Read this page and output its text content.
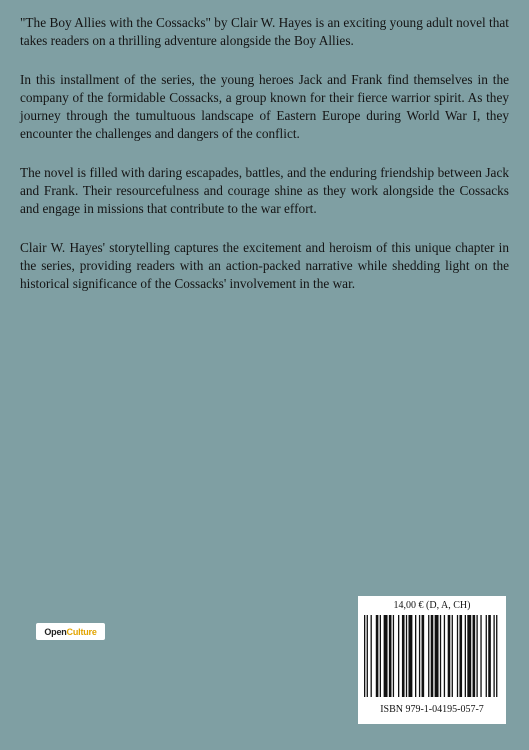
"The Boy Allies with the Cossacks" by Clair W. Hayes is an exciting young adult novel that takes readers on a thrilling adventure alongside the Boy Allies.

In this installment of the series, the young heroes Jack and Frank find themselves in the company of the formidable Cossacks, a group known for their fierce warrior spirit. As they journey through the tumultuous landscape of Eastern Europe during World War I, they encounter the challenges and dangers of the conflict.

The novel is filled with daring escapades, battles, and the enduring friendship between Jack and Frank. Their resourcefulness and courage shine as they work alongside the Cossacks and engage in missions that contribute to the war effort.

Clair W. Hayes' storytelling captures the excitement and heroism of this unique chapter in the series, providing readers with an action-packed narrative while shedding light on the historical significance of the Cossacks' involvement in the war.

Open Culture
14,00 € (D, A, CH)
ISBN 979-1-04195-057-7
